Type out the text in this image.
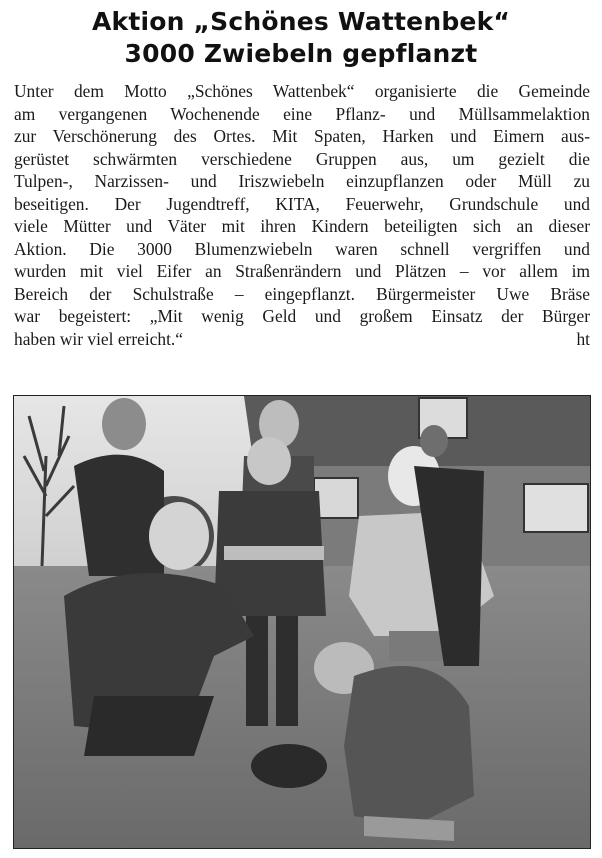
Aktion „Schönes Wattenbek“
3000 Zwiebeln gepflanzt
Unter dem Motto „Schönes Wattenbek“ organisierte die Gemeinde
am vergangenen Wochenende eine Pflanz- und Müllsammelaktion
zur Verschönerung des Ortes. Mit Spaten, Harken und Eimern aus-
gerüstet schwärmten verschiedene Gruppen aus, um gezielt die
Tulpen-, Narzissen- und Iriszwiebeln einzupflanzen oder Müll zu
beseitigen. Der Jugendtreff, KITA, Feuerwehr, Grundschule und
viele Mütter und Väter mit ihren Kindern beteiligten sich an dieser
Aktion. Die 3000 Blumenzwiebeln waren schnell vergriffen und
wurden mit viel Eifer an Straßenrändern und Plätzen – vor allem im
Bereich der Schulstraße – eingepflanzt. Bürgermeister Uwe Bräse
war begeistert: „Mit wenig Geld und großem Einsatz der Bürger
haben wir viel erreicht.“	ht
